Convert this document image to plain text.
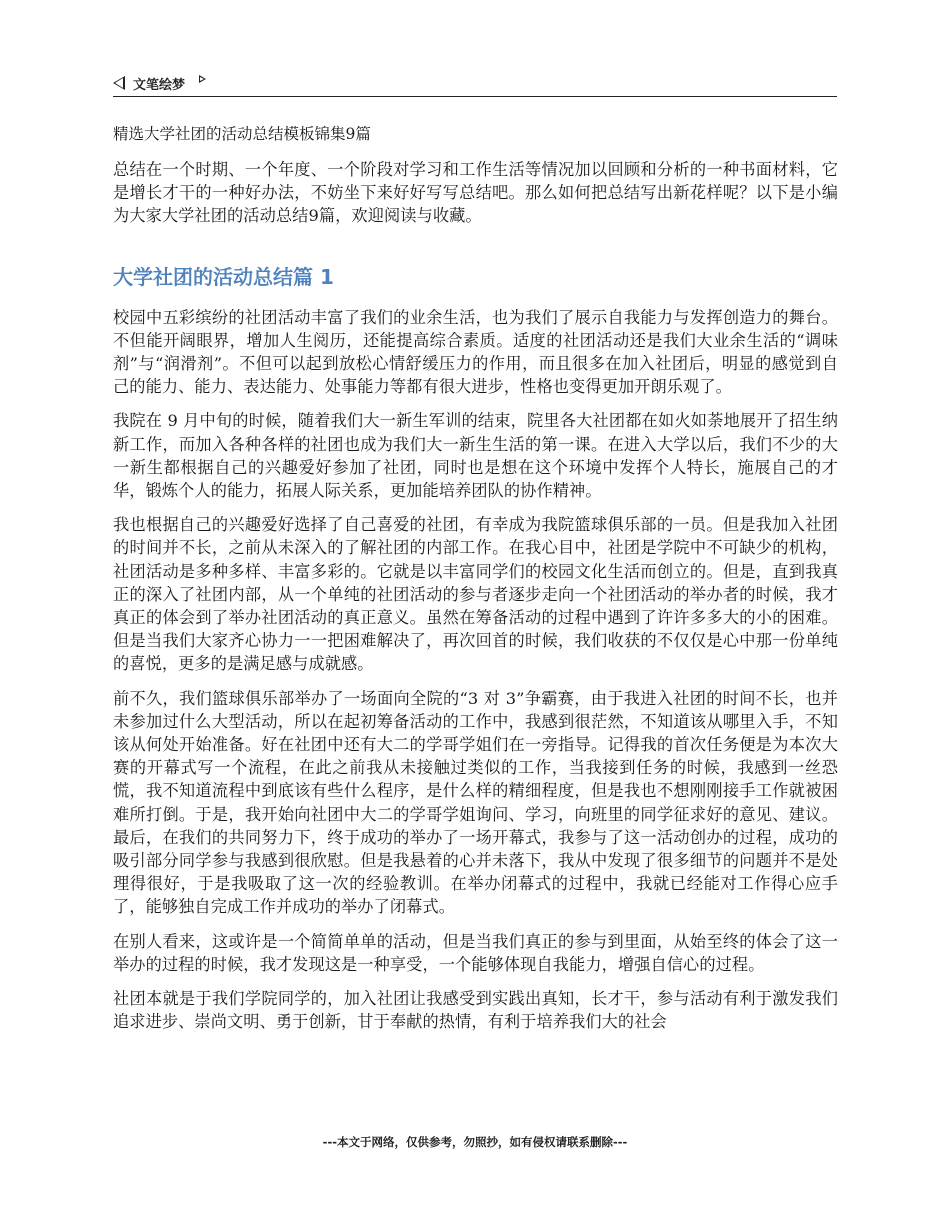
文笔绘梦
精选大学社团的活动总结模板锦集9篇

总结在一个时期、一个年度、一个阶段对学习和工作生活等情况加以回顾和分析的一种书面材料，它是增长才干的一种好办法，不妨坐下来好好写写总结吧。那么如何把总结写出新花样呢？以下是小编为大家大学社团的活动总结9篇，欢迎阅读与收藏。

大学社团的活动总结篇 1

校园中五彩缤纷的社团活动丰富了我们的业余生活，也为我们了展示自我能力与发挥创造力的舞台。不但能开阔眼界，增加人生阅历，还能提高综合素质。适度的社团活动还是我们大业余生活的“调味剂”与“润滑剂”。不但可以起到放松心情舒缓压力的作用，而且很多在加入社团后，明显的感觉到自己的能力、能力、表达能力、处事能力等都有很大进步，性格也变得更加开朗乐观了。

我院在 9 月中旬的时候，随着我们大一新生军训的结束，院里各大社团都在如火如荼地展开了招生纳新工作，而加入各种各样的社团也成为我们大一新生生活的第一课。在进入大学以后，我们不少的大一新生都根据自己的兴趣爱好参加了社团，同时也是想在这个环境中发挥个人特长，施展自己的才华，锻炼个人的能力，拓展人际关系，更加能培养团队的协作精神。

我也根据自己的兴趣爱好选择了自己喜爱的社团，有幸成为我院篮球俱乐部的一员。但是我加入社团的时间并不长，之前从未深入的了解社团的内部工作。在我心目中，社团是学院中不可缺少的机构，社团活动是多种多样、丰富多彩的。它就是以丰富同学们的校园文化生活而创立的。但是，直到我真正的深入了社团内部，从一个单纯的社团活动的参与者逐步走向一个社团活动的举办者的时候，我才真正的体会到了举办社团活动的真正意义。虽然在筹备活动的过程中遇到了许许多多大的小的困难。但是当我们大家齐心协力一一把困难解决了，再次回首的时候，我们收获的不仅仅是心中那一份单纯的喜悦，更多的是满足感与成就感。

前不久，我们篮球俱乐部举办了一场面向全院的“3 对 3”争霸赛，由于我进入社团的时间不长，也并未参加过什么大型活动，所以在起初筹备活动的工作中，我感到很茫然，不知道该从哪里入手，不知该从何处开始准备。好在社团中还有大二的学哥学姐们在一旁指导。记得我的首次任务便是为本次大赛的开幕式写一个流程，在此之前我从未接触过类似的工作，当我接到任务的时候，我感到一丝恐慌，我不知道流程中到底该有些什么程序，是什么样的精细程度，但是我也不想刚刚接手工作就被困难所打倒。于是，我开始向社团中大二的学哥学姐询问、学习，向班里的同学征求好的意见、建议。最后，在我们的共同努力下，终于成功的举办了一场开幕式，我参与了这一活动创办的过程，成功的吸引部分同学参与我感到很欣慰。但是我悬着的心并未落下，我从中发现了很多细节的问题并不是处理得很好，于是我吸取了这一次的经验教训。在举办闭幕式的过程中，我就已经能对工作得心应手了，能够独自完成工作并成功的举办了闭幕式。

在别人看来，这或许是一个简简单单的活动，但是当我们真正的参与到里面，从始至终的体会了这一举办的过程的时候，我才发现这是一种享受，一个能够体现自我能力，增强自信心的过程。

社团本就是于我们学院同学的，加入社团让我感受到实践出真知，长才干，参与活动有利于激发我们追求进步、崇尚文明、勇于创新，甘于奉献的热情，有利于培养我们大的社会

---本文于网络，仅供参考，勿照抄，如有侵权请联系删除---
